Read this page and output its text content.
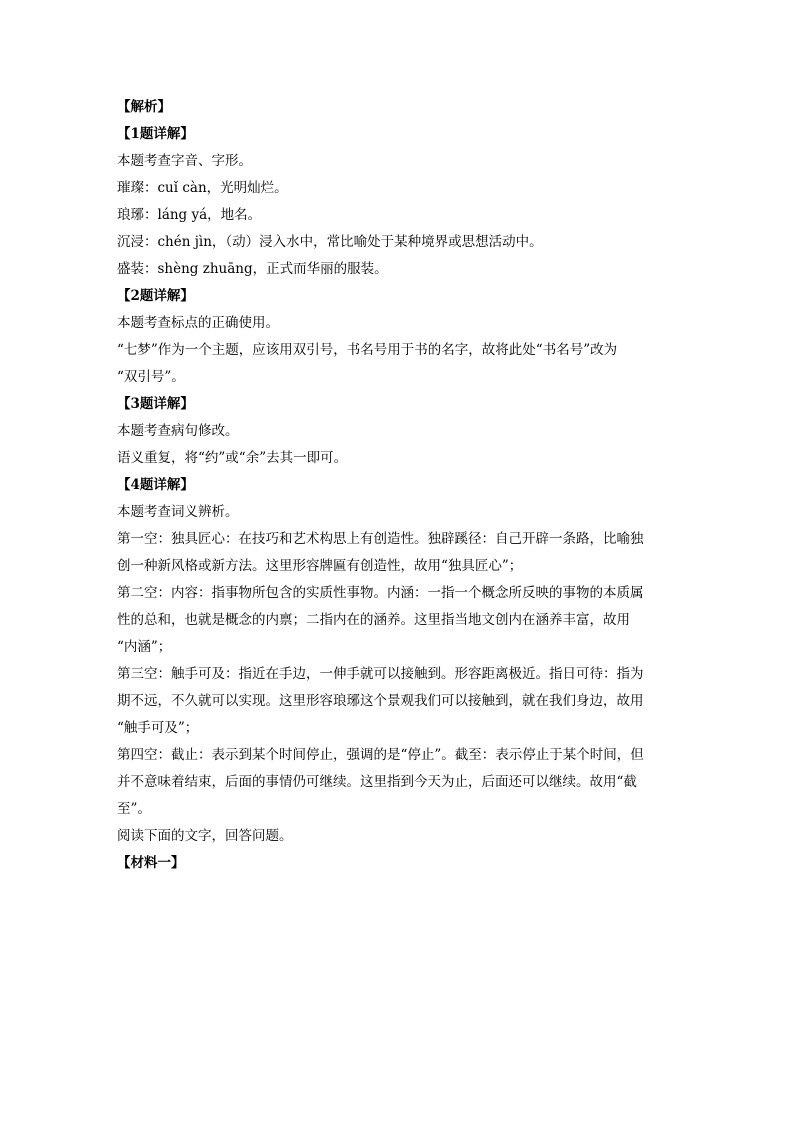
【解析】
【1题详解】
本题考查字音、字形。
璀璨：cuǐ càn，光明灿烂。
琅琊：láng yá，地名。
沉浸：chén jìn，（动）浸入水中，常比喻处于某种境界或思想活动中。
盛装：shèng zhuāng，正式而华丽的服装。
【2题详解】
本题考查标点的正确使用。
“七梦”作为一个主题，应该用双引号，书名号用于书的名字，故将此处“书名号”改为
“双引号”。
【3题详解】
本题考查病句修改。
语义重复，将“约”或“余”去其一即可。
【4题详解】
本题考查词义辨析。
第一空：独具匠心：在技巧和艺术构思上有创造性。独辟蹊径：自己开辟一条路，比喻独
创一种新风格或新方法。这里形容牌匾有创造性，故用“独具匠心”；
第二空：内容：指事物所包含的实质性事物。内涵：一指一个概念所反映的事物的本质属
性的总和，也就是概念的内禀；二指内在的涵养。这里指当地文创内在涵养丰富，故用
“内涵”；
第三空：触手可及：指近在手边，一伸手就可以接触到。形容距离极近。指日可待：指为
期不远，不久就可以实现。这里形容琅琊这个景观我们可以接触到，就在我们身边，故用
“触手可及”；
第四空：截止：表示到某个时间停止，强调的是“停止”。截至：表示停止于某个时间，但
并不意味着结束，后面的事情仍可继续。这里指到今天为止，后面还可以继续。故用“截
至”。
阅读下面的文字，回答问题。
【材料一】
